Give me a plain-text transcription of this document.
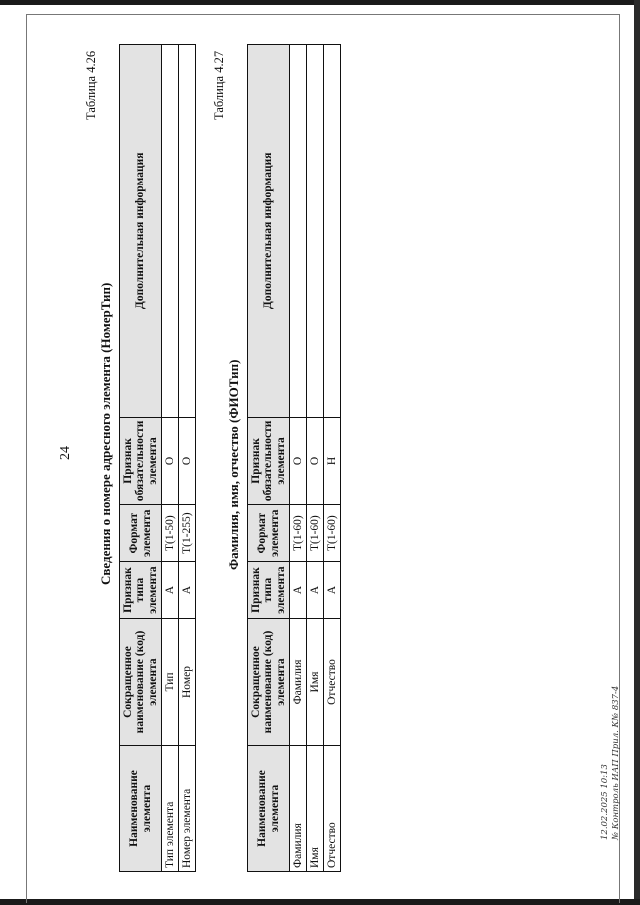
24
Таблица 4.26
Сведения о номере адресного элемента (НомерТип)
Наименование элемента	Сокращенное наименование (код) элемента	Признак типа элемента	Формат элемента	Признак обязательности элемента	Дополнительная информация
Тип элемента	Тип	А	Т(1-50)	О	
Номер элемента	Номер	А	Т(1-255)	О	
Таблица 4.27
Фамилия, имя, отчество (ФИОТип)
Наименование элемента	Сокращенное наименование (код) элемента	Признак типа элемента	Формат элемента	Признак обязательности элемента	Дополнительная информация
Фамилия	Фамилия	А	Т(1-60)	О	
Имя	Имя	А	Т(1-60)	О	
Отчество	Отчество	А	Т(1-60)	Н	
12.02.2025 10:13 № Контроль ИАП Прил. К№ 837-4
